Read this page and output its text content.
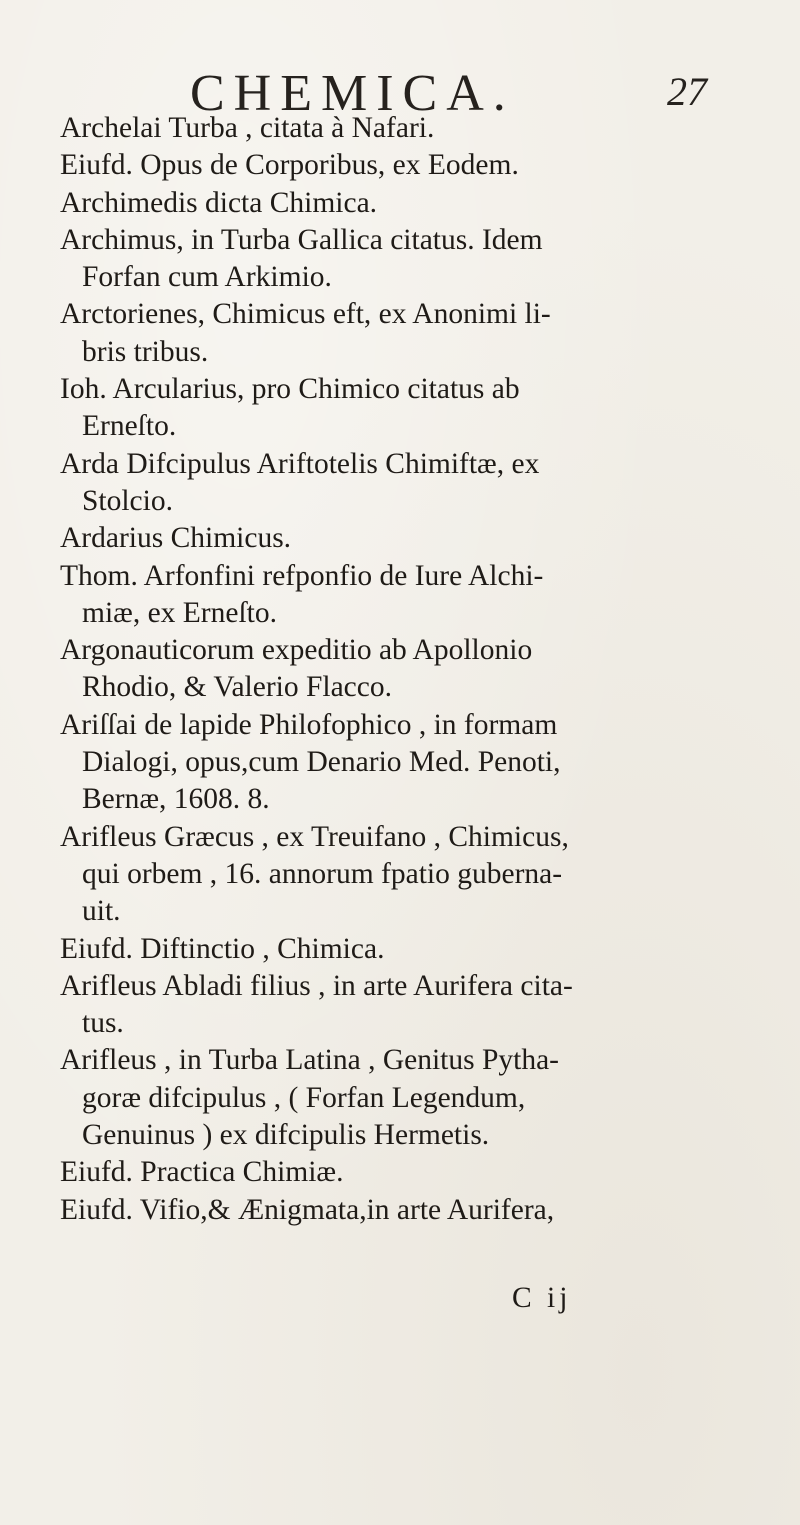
CHEMICA.	27
Archelai Turba , citata à Nafari.
Eiufd. Opus de Corporibus, ex Eodem.
Archimedis dicta Chimica.
Archimus, in Turba Gallica citatus. Idem
Forfan cum Arkimio.
Arctorienes, Chimicus eft, ex Anonimi li-
bris tribus.
Ioh. Arcularius, pro Chimico citatus ab
Erneſto.
Arda Difcipulus Ariftotelis Chimiftæ, ex
Stolcio.
Ardarius Chimicus.
Thom. Arfonfini refponfio de Iure Alchi-
miæ, ex Erneſto.
Argonauticorum expeditio ab Apollonio
Rhodio, & Valerio Flacco.
Ariſſai de lapide Philofophico , in formam
Dialogi, opus,cum Denario Med. Penoti,
Bernæ, 1608. 8.
Arifleus Græcus , ex Treuifano , Chimicus,
qui orbem , 16. annorum fpatio guberna-
uit.
Eiufd. Diftinctio , Chimica.
Arifleus Abladi filius , in arte Aurifera cita-
tus.
Arifleus , in Turba Latina , Genitus Pytha-
goræ difcipulus , ( Forfan Legendum,
Genuinus ) ex difcipulis Hermetis.
Eiufd. Practica Chimiæ.
Eiufd. Vifio,& Ænigmata,in arte Aurifera,
C ij
